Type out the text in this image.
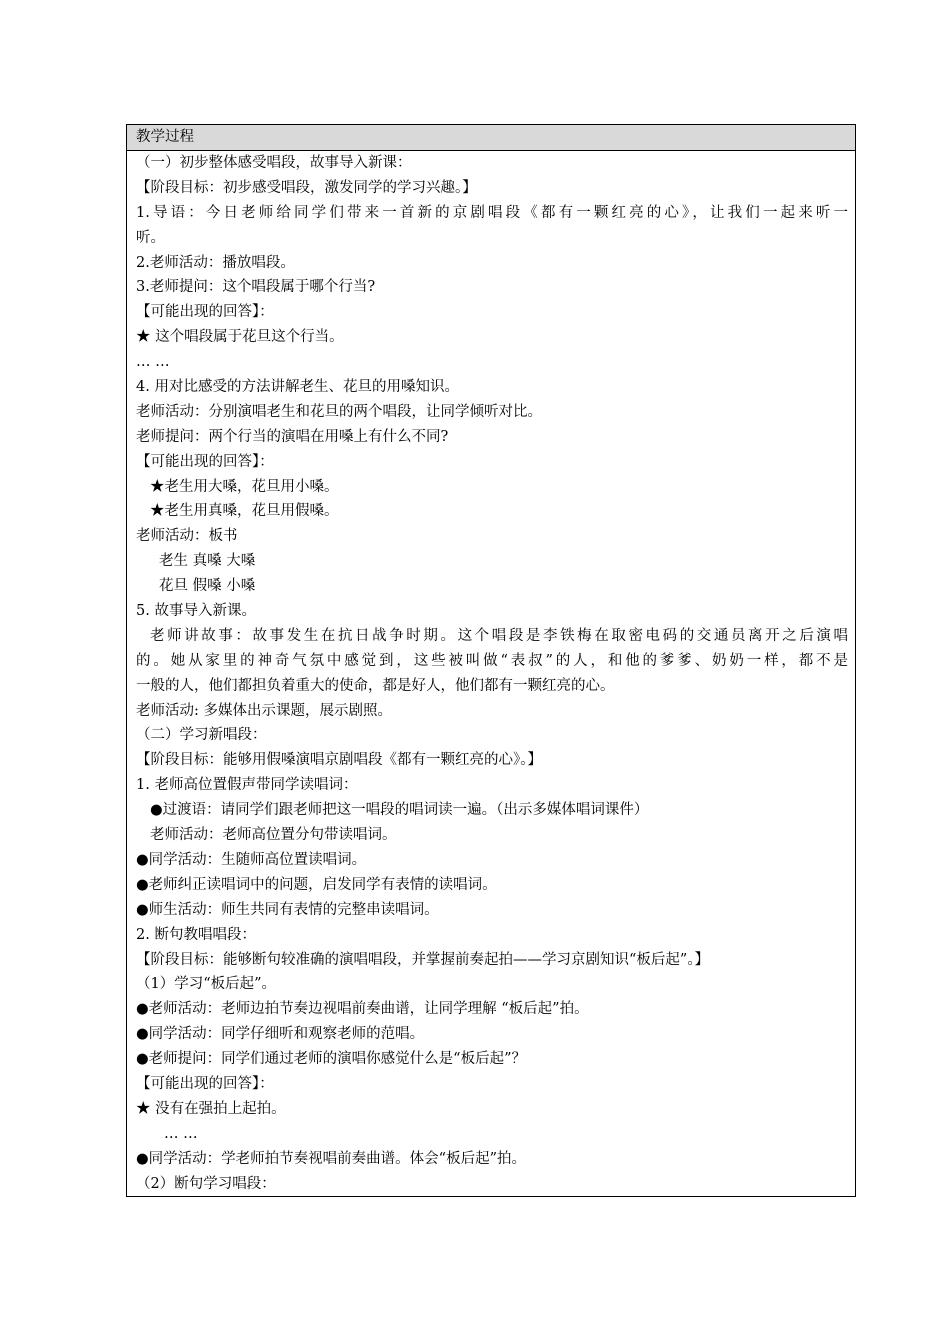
教学过程
（一）初步整体感受唱段，故事导入新课：
【阶段目标：初步感受唱段，激发同学的学习兴趣。】
1.导语：今日老师给同学们带来一首新的京剧唱段《都有一颗红亮的心》，让我们一起来听一
听。
2.老师活动：播放唱段。
3.老师提问：这个唱段属于哪个行当?
【可能出现的回答】：
★ 这个唱段属于花旦这个行当。
… …
4. 用对比感受的方法讲解老生、花旦的用嗓知识。
老师活动：分别演唱老生和花旦的两个唱段，让同学倾听对比。
老师提问：两个行当的演唱在用嗓上有什么不同?
【可能出现的回答】：
★老生用大嗓，花旦用小嗓。
★老生用真嗓，花旦用假嗓。
老师活动：板书
老生 真嗓 大嗓
花旦 假嗓 小嗓
5. 故事导入新课。
老师讲故事：故事发生在抗日战争时期。这个唱段是李铁梅在取密电码的交通员离开之后演唱
的。她从家里的神奇气氛中感觉到，这些被叫做“表叔”的人，和他的爹爹、奶奶一样，都不是
一般的人，他们都担负着重大的使命，都是好人，他们都有一颗红亮的心。
老师活动: 多媒体出示课题，展示剧照。
（二）学习新唱段：
【阶段目标：能够用假嗓演唱京剧唱段《都有一颗红亮的心》。】
1. 老师高位置假声带同学读唱词：
●过渡语：请同学们跟老师把这一唱段的唱词读一遍。（出示多媒体唱词课件）
老师活动：老师高位置分句带读唱词。
●同学活动：生随师高位置读唱词。
●老师纠正读唱词中的问题，启发同学有表情的读唱词。
●师生活动：师生共同有表情的完整串读唱词。
2. 断句教唱唱段：
【阶段目标：能够断句较准确的演唱唱段，并掌握前奏起拍——学习京剧知识“板后起”。】
（1）学习“板后起”。
●老师活动：老师边拍节奏边视唱前奏曲谱，让同学理解 “板后起”拍。
●同学活动：同学仔细听和观察老师的范唱。
●老师提问：同学们通过老师的演唱你感觉什么是“板后起”？
【可能出现的回答】：
★ 没有在强拍上起拍。
… …
●同学活动：学老师拍节奏视唱前奏曲谱。体会“板后起”拍。
（2）断句学习唱段：
